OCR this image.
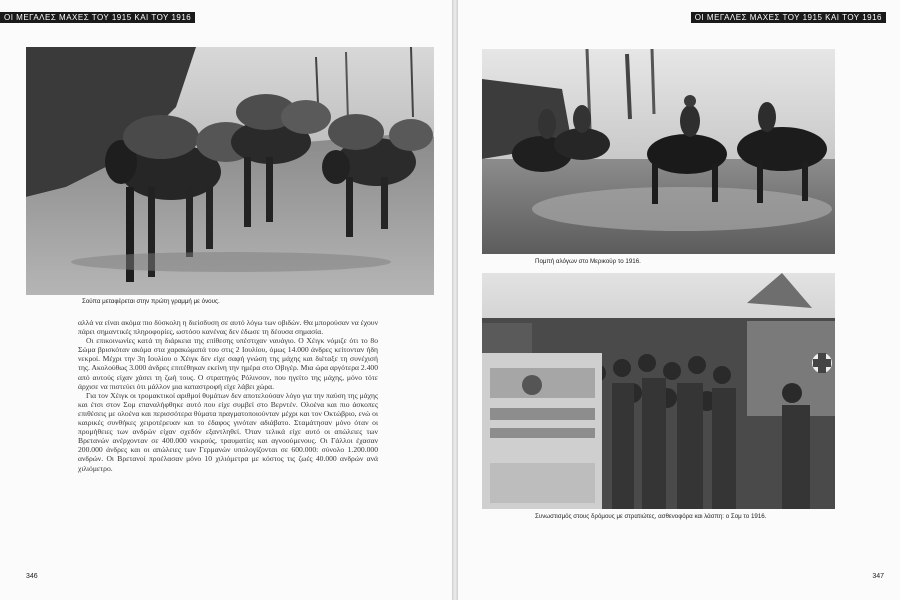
ΟΙ ΜΕΓΑΛΕΣ ΜΑΧΕΣ ΤΟΥ 1915 ΚΑΙ ΤΟΥ 1916
Σούπα μεταφέρεται στην πρώτη γραμμή με όνους.

αλλά να είναι ακόμα πιο δύσκολη η διείσδυση σε αυτό λόγω των οβιδών. Θα μπορούσαν να έχουν πάρει σημαντικές πληροφορίες, ωστόσο κανένας δεν έδωσε τη δέουσα σημασία.

Οι επικοινωνίες κατά τη διάρκεια της επίθεσης υπέστιχαν ναυάγιο. Ο Χέιγκ νόμιζε ότι το 8ο Σώμα βρισκόταν ακόμα στα χαρακώματά του στις 2 Ιουλίου, όμως 14.000 άνδρες κείτονταν ήδη νεκροί. Μέχρι την 3η Ιουλίου ο Χέιγκ δεν είχε σαφή γνώση της μάχης και διέταξε τη συνέχισή της. Ακολούθως 3.000 άνδρες επιτέθηκαν εκείνη την ημέρα στο Οβιγέρ. Μια ώρα αργότερα 2.400 από αυτούς είχαν χάσει τη ζωή τους. Ο στρατηγός Ρόλινσον, που ηγείτο της μάχης, μόνο τότε άρχισε να πιστεύει ότι μάλλον μια καταστροφή είχε λάβει χώρα.

Για τον Χέιγκ οι τρομακτικοί αριθμοί θυμάτων δεν αποτελούσαν λόγο για την παύση της μάχης και έτσι στον Σομ επαναλήφθηκε αυτό που είχε συμβεί στο Βερντέν. Ολοένα και πιο άσκοπες επιθέσεις με ολοένα και περισσότερα θύματα πραγματοποιούνταν μέχρι και τον Οκτώβριο, ενώ οι καιρικές συνθήκες χειροτέρευαν και το έδαφος γινόταν αδιάβατο. Σταμάτησαν μόνο όταν οι προμήθειες των ανδρών είχαν σχεδόν εξαντληθεί. Όταν τελικά είχε αυτό οι απώλειες των Βρετανών ανέρχονταν σε 400.000 νεκρούς, τραυματίες και αγνοούμενους. Οι Γάλλοι έχασαν 200.000 άνδρες και οι απώλειες των Γερμανών υπολογίζονται σε 600.000: σύνολο 1.200.000 ανδρών. Οι Βρετανοί προέλασαν μόνο 10 χιλιόμετρα με κόστος τις ζωές 40.000 ανδρών ανά χιλιόμετρο.

346
ΟΙ ΜΕΓΑΛΕΣ ΜΑΧΕΣ ΤΟΥ 1915 ΚΑΙ ΤΟΥ 1916
Πομπή αλόγων στο Μερικούρ το 1916.
Συνωστισμός στους δρόμους με στρατιώτες, ασθενοφόρα και λάσπη: ο Σομ το 1916.
347
